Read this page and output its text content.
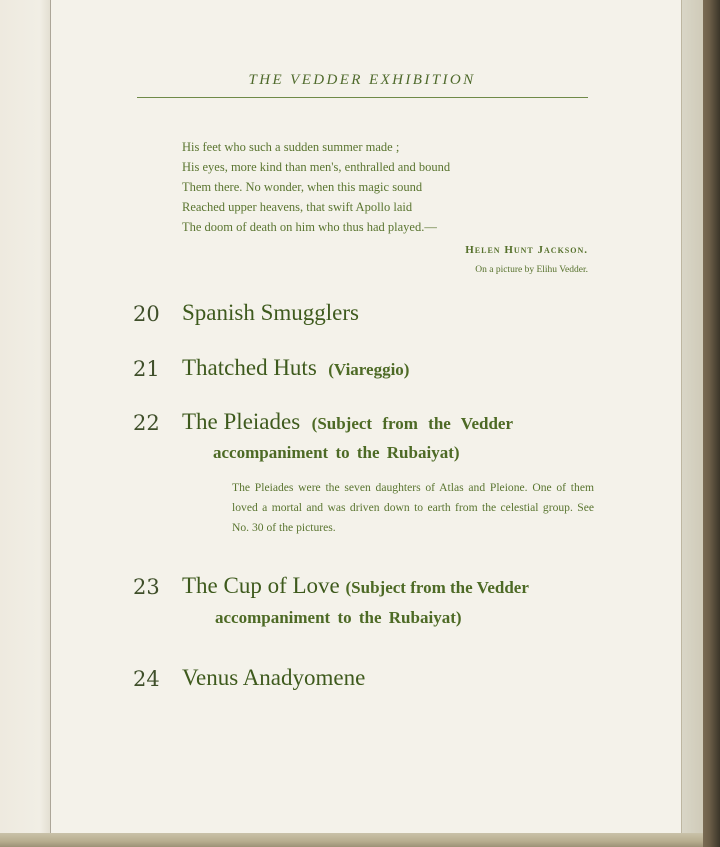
THE VEDDER EXHIBITION
His feet who such a sudden summer made ;
His eyes, more kind than men's, enthralled and bound
Them there. No wonder, when this magic sound
Reached upper heavens, that swift Apollo laid
The doom of death on him who thus had played.—
Helen Hunt Jackson.
On a picture by Elihu Vedder.
20 Spanish Smugglers
21 Thatched Huts (Viareggio)
22 The Pleiades (Subject from the Vedder
accompaniment to the Rubaiyat)
The Pleiades were the seven daughters of Atlas and Pleione. One of them loved a mortal and was driven down to earth from the celestial group. See No. 30 of the pictures.
23 The Cup of Love (Subject from the Vedder
accompaniment to the Rubaiyat)
24 Venus Anadyomene
